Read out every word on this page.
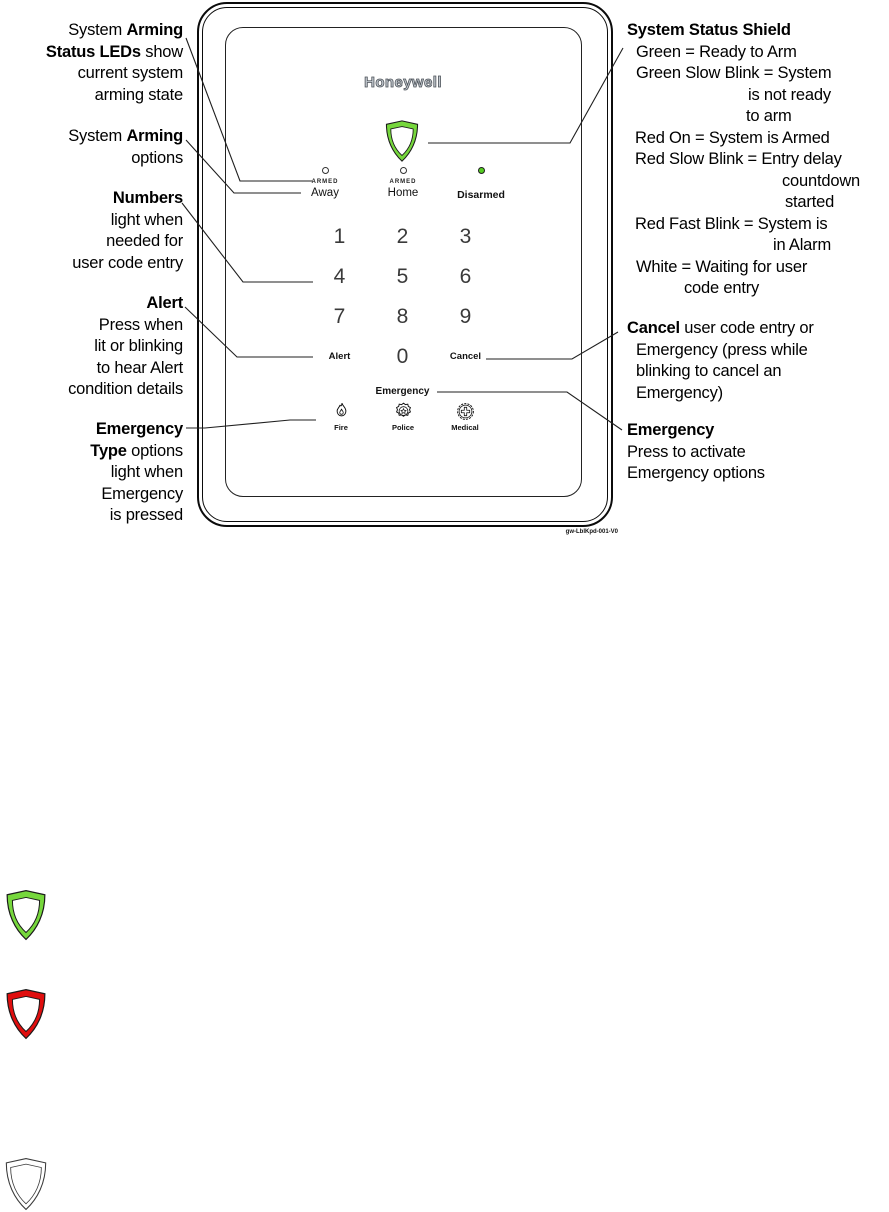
System Arming
Status LEDs show
current system
arming state
System Arming
options
Numbers
light when
needed for
user code entry
Alert
Press when
lit or blinking
to hear Alert
condition details
Emergency
Type options
light when
Emergency
is pressed
System Status Shield
Green = Ready to Arm
Green Slow Blink = System
is not ready
to arm
Red On = System is Armed
Red Slow Blink = Entry delay
countdown
started
Red Fast Blink = System is
in Alarm
White = Waiting for user
code entry
Cancel user code entry or
Emergency (press while
blinking to cancel an
Emergency)
Emergency
Press to activate
Emergency options
Honeywell
ARMED
Away
ARMED
Home	Disarmed
1	2	3
4	5	6
7	8	9
Alert	0	Cancel
Emergency
Fire	Police	Medical
gw-LblKpd-001-V0
